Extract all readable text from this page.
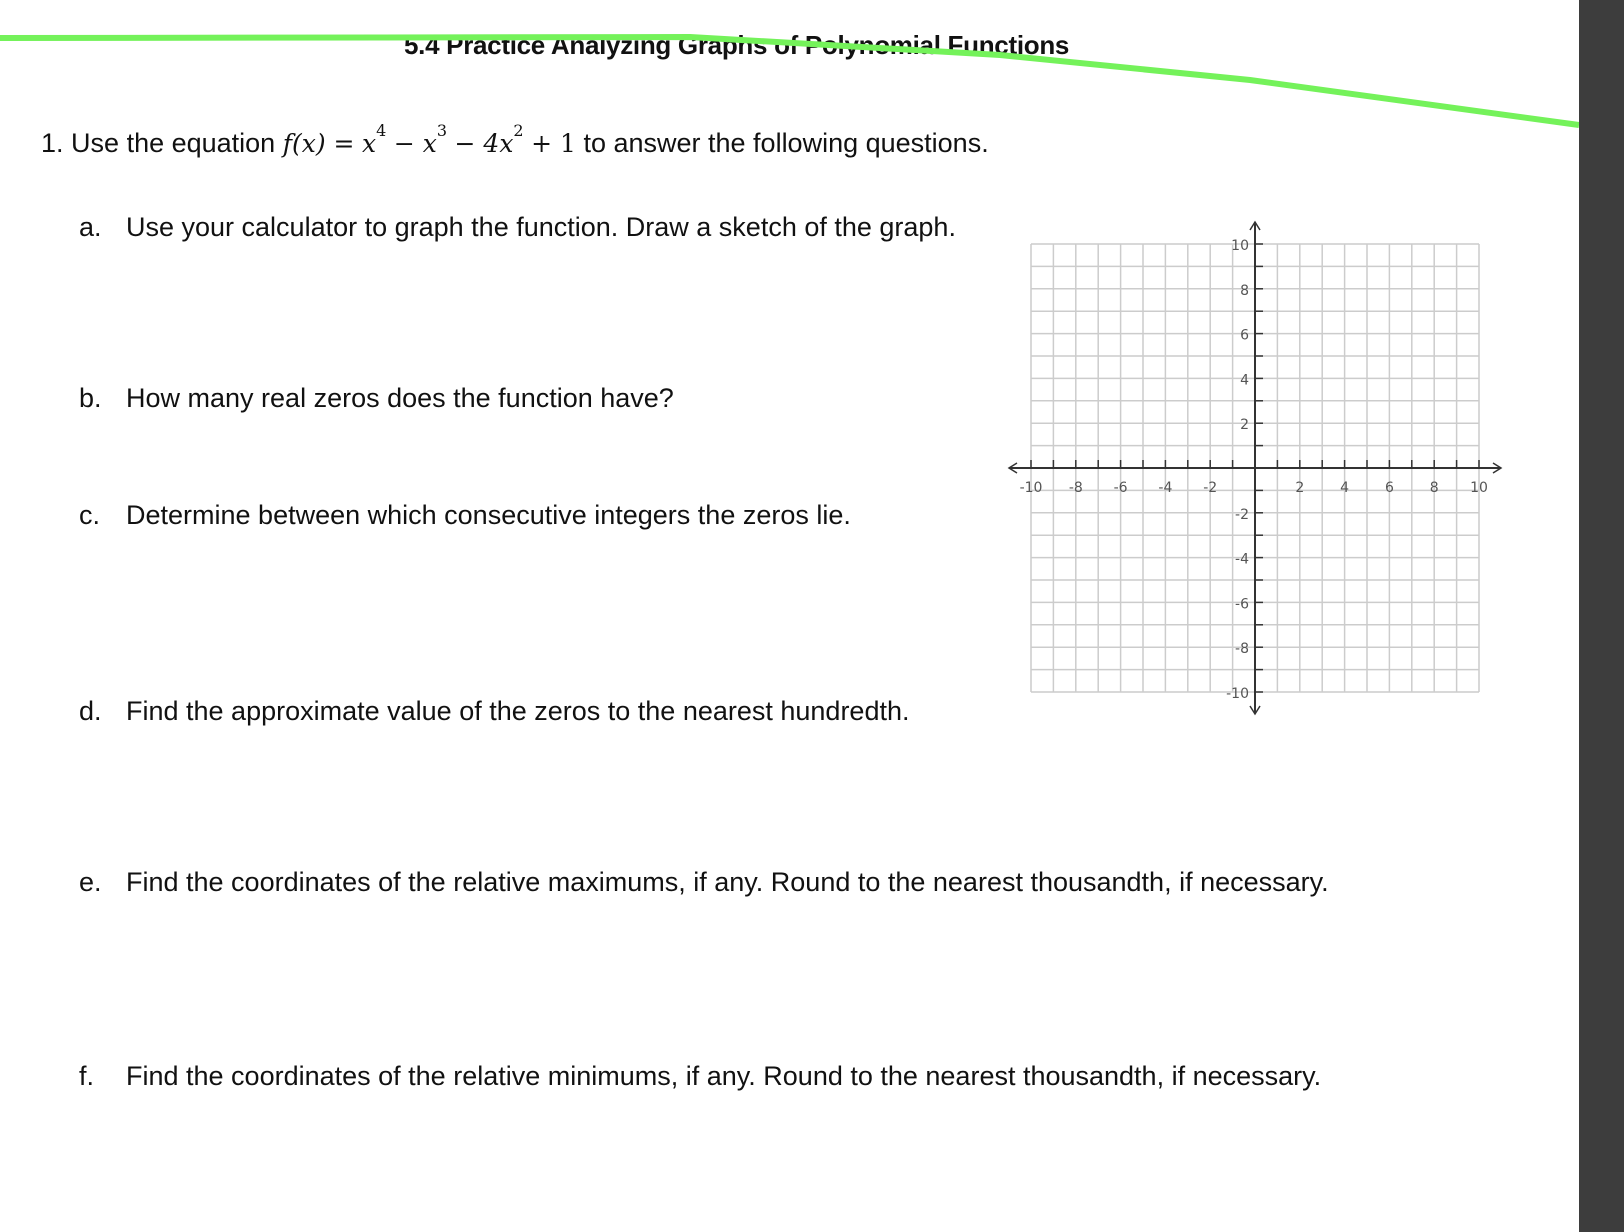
5.4 Practice Analyzing Graphs of Polynomial Functions
1. Use the equation $f(x) = x^4 - x^3 - 4x^2 + 1$ to answer the following questions.
a. Use your calculator to graph the function. Draw a sketch of the graph.
b. How many real zeros does the function have?
c. Determine between which consecutive integers the zeros lie.
d. Find the approximate value of the zeros to the nearest hundredth.
e. Find the coordinates of the relative maximums, if any. Round to the nearest thousandth, if necessary.
f. Find the coordinates of the relative minimums, if any. Round to the nearest thousandth, if necessary.
-10 -8 -6 -4 -2	2	4	6	8 10
10
8
6
4
2
-2
-4
-6
-8
-10
